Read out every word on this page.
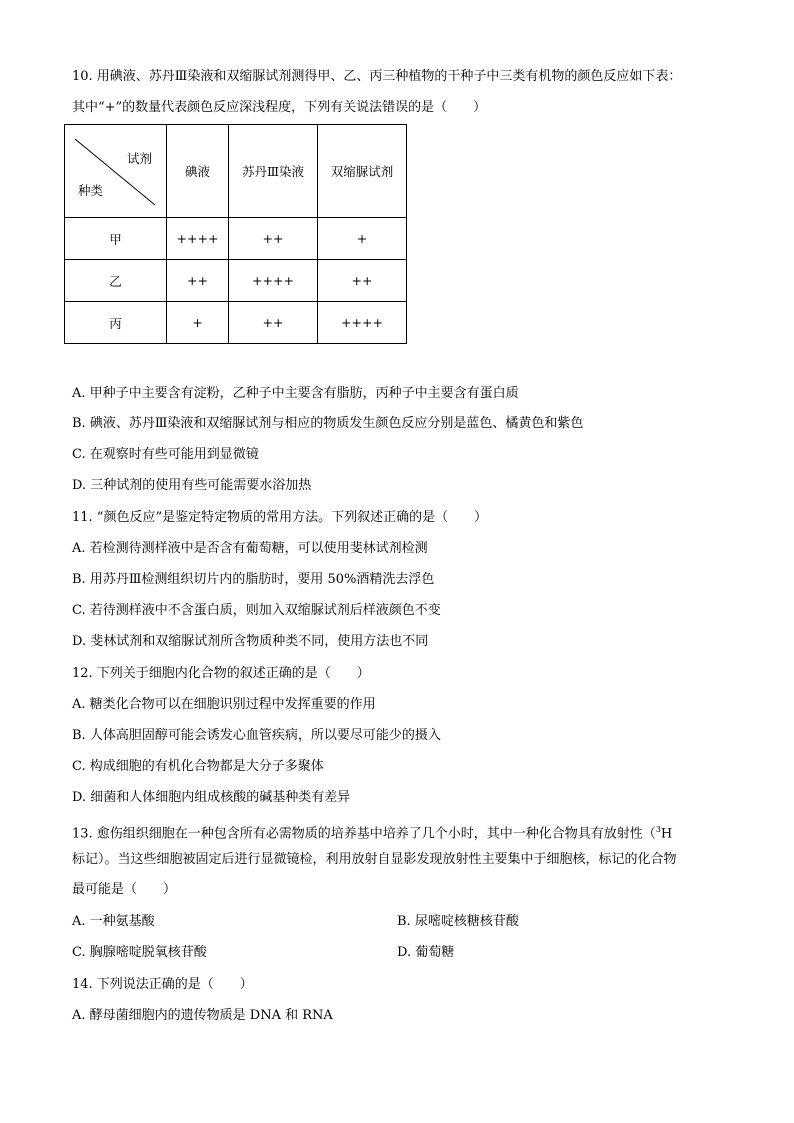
10. 用碘液、苏丹Ⅲ染液和双缩脲试剂测得甲、乙、丙三种植物的干种子中三类有机物的颜色反应如下表：
其中“+”的数量代表颜色反应深浅程度，下列有关说法错误的是（　　）
试剂
种类	碘液	苏丹Ⅲ染液	双缩脲试剂
甲	++++	++	+
乙	++	++++	++
丙	+	++	++++
A. 甲种子中主要含有淀粉，乙种子中主要含有脂肪，丙种子中主要含有蛋白质
B. 碘液、苏丹Ⅲ染液和双缩脲试剂与相应的物质发生颜色反应分别是蓝色、橘黄色和紫色
C. 在观察时有些可能用到显微镜
D. 三种试剂的使用有些可能需要水浴加热
11. “颜色反应”是鉴定特定物质的常用方法。下列叙述正确的是（　　）
A. 若检测待测样液中是否含有葡萄糖，可以使用斐林试剂检测
B. 用苏丹Ⅲ检测组织切片内的脂肪时，要用 50%酒精洗去浮色
C. 若待测样液中不含蛋白质，则加入双缩脲试剂后样液颜色不变
D. 斐林试剂和双缩脲试剂所含物质种类不同，使用方法也不同
12. 下列关于细胞内化合物的叙述正确的是（　　）
A. 糖类化合物可以在细胞识别过程中发挥重要的作用
B. 人体高胆固醇可能会诱发心血管疾病，所以要尽可能少的摄入
C. 构成细胞的有机化合物都是大分子多聚体
D. 细菌和人体细胞内组成核酸的碱基种类有差异
13. 愈伤组织细胞在一种包含所有必需物质的培养基中培养了几个小时，其中一种化合物具有放射性（$^3$H
标记）。当这些细胞被固定后进行显微镜检，利用放射自显影发现放射性主要集中于细胞核，标记的化合物
最可能是（　　）
A. 一种氨基酸	B. 尿嘧啶核糖核苷酸
C. 胸腺嘧啶脱氧核苷酸	D. 葡萄糖
14. 下列说法正确的是（　　）
A. 酵母菌细胞内的遗传物质是 DNA 和 RNA
